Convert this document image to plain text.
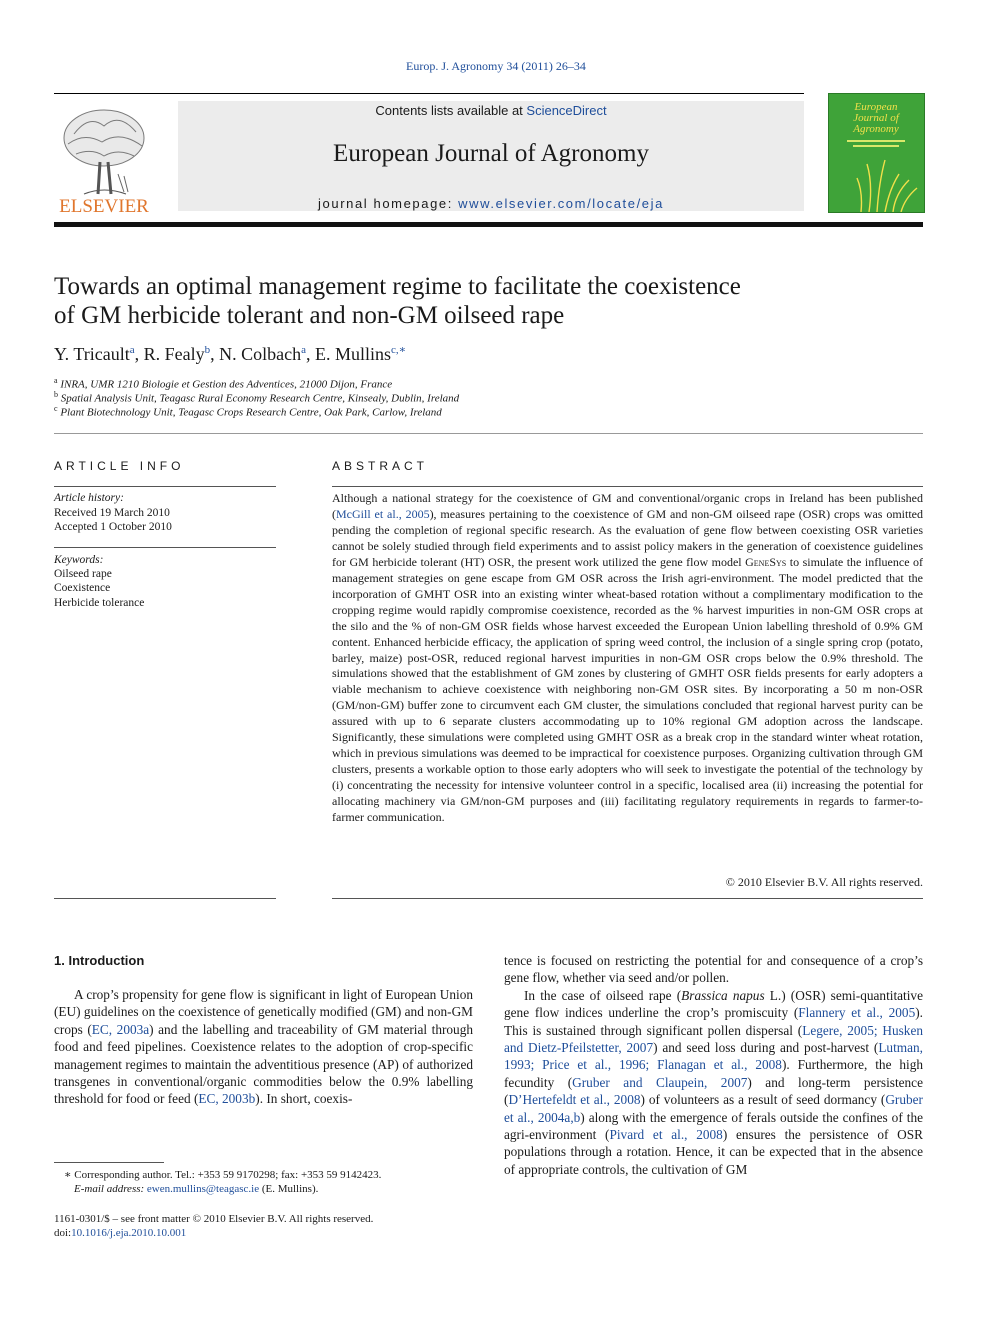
Europ. J. Agronomy 34 (2011) 26–34
ELSEVIER
Contents lists available at ScienceDirect
European Journal of Agronomy
journal homepage: www.elsevier.com/locate/eja
European
Journal of
Agronomy
Towards an optimal management regime to facilitate the coexistence
of GM herbicide tolerant and non-GM oilseed rape
Y. Tricault$^a$, R. Fealy$^b$, N. Colbach$^a$, E. Mullins$^{c,∗}$
$^a$ INRA, UMR 1210 Biologie et Gestion des Adventices, 21000 Dijon, France
$^b$ Spatial Analysis Unit, Teagasc Rural Economy Research Centre, Kinsealy, Dublin, Ireland
$^c$ Plant Biotechnology Unit, Teagasc Crops Research Centre, Oak Park, Carlow, Ireland
ARTICLE INFO
Article history:
Received 19 March 2010
Accepted 1 October 2010
Keywords:
Oilseed rape
Coexistence
Herbicide tolerance
ABSTRACT
Although a national strategy for the coexistence of GM and conventional/organic crops in Ireland has been published (McGill et al., 2005), measures pertaining to the coexistence of GM and non-GM oilseed rape (OSR) crops was omitted pending the completion of regional specific research. As the evaluation of gene flow between coexisting OSR varieties cannot be solely studied through field experiments and to assist policy makers in the generation of coexistence guidelines for GM herbicide tolerant (HT) OSR, the present work utilized the gene flow model GeneSys to simulate the influence of management strategies on gene escape from GM OSR across the Irish agri-environment. The model predicted that the incorporation of GMHT OSR into an existing winter wheat-based rotation without a complimentary modification to the cropping regime would rapidly compromise coexistence, recorded as the % harvest impurities in non-GM OSR crops at the silo and the % of non-GM OSR fields whose harvest exceeded the European Union labelling threshold of 0.9% GM content. Enhanced herbicide efficacy, the application of spring weed control, the inclusion of a single spring crop (potato, barley, maize) post-OSR, reduced regional harvest impurities in non-GM OSR crops below the 0.9% threshold. The simulations showed that the establishment of GM zones by clustering of GMHT OSR fields presents for early adopters a viable mechanism to achieve coexistence with neighboring non-GM OSR sites. By incorporating a 50 m non-OSR (GM/non-GM) buffer zone to circumvent each GM cluster, the simulations concluded that regional harvest purity can be assured with up to 6 separate clusters accommodating up to 10% regional GM adoption across the landscape. Significantly, these simulations were completed using GMHT OSR as a break crop in the standard winter wheat rotation, which in previous simulations was deemed to be impractical for coexistence purposes. Organizing cultivation through GM clusters, presents a workable option to those early adopters who will seek to investigate the potential of the technology by (i) concentrating the necessity for intensive volunteer control in a specific, localised area (ii) increasing the potential for allocating machinery via GM/non-GM purposes and (iii) facilitating regulatory requirements in regards to farmer-to-farmer communication.
© 2010 Elsevier B.V. All rights reserved.
1. Introduction
A crop’s propensity for gene flow is significant in light of European Union (EU) guidelines on the coexistence of genetically modified (GM) and non-GM crops (EC, 2003a) and the labelling and traceability of GM material through food and feed pipelines. Coexistence relates to the adoption of crop-specific management regimes to maintain the adventitious presence (AP) of authorized transgenes in conventional/organic commodities below the 0.9% labelling threshold for food or feed (EC, 2003b). In short, coexis-
tence is focused on restricting the potential for and consequence of a crop’s gene flow, whether via seed and/or pollen.
In the case of oilseed rape (Brassica napus L.) (OSR) semi-quantitative gene flow indices underline the crop’s promiscuity (Flannery et al., 2005). This is sustained through significant pollen dispersal (Legere, 2005; Husken and Dietz-Pfeilstetter, 2007) and seed loss during and post-harvest (Lutman, 1993; Price et al., 1996; Flanagan et al., 2008). Furthermore, the high fecundity (Gruber and Claupein, 2007) and long-term persistence (D’Hertefeldt et al., 2008) of volunteers as a result of seed dormancy (Gruber et al., 2004a,b) along with the emergence of ferals outside the confines of the agri-environment (Pivard et al., 2008) ensures the persistence of OSR populations through a rotation. Hence, it can be expected that in the absence of appropriate controls, the cultivation of GM
∗ Corresponding author. Tel.: +353 59 9170298; fax: +353 59 9142423.
E-mail address: ewen.mullins@teagasc.ie (E. Mullins).
1161-0301/$ – see front matter © 2010 Elsevier B.V. All rights reserved.
doi:10.1016/j.eja.2010.10.001
